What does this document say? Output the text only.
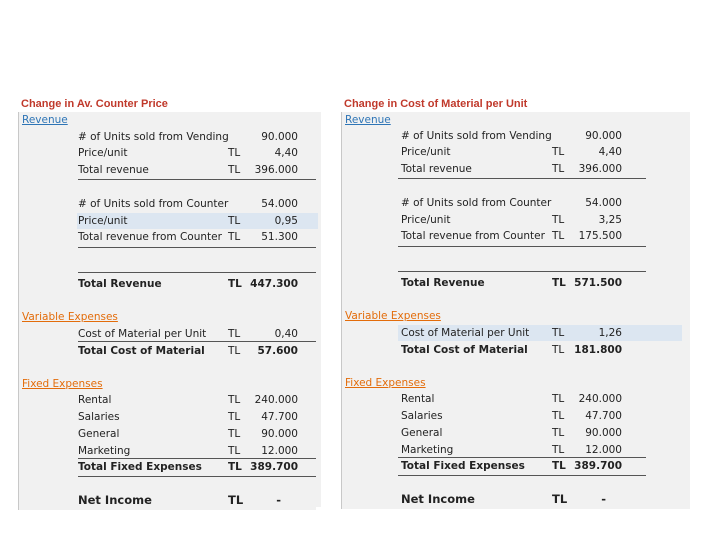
Change in Av. Counter Price
Revenue
# of Units sold from Vending	90.000
Price/unit	TL	4,40
Total revenue	TL 396.000
# of Units sold from Counter	54.000
Price/unit	TL	0,95
Total revenue from Counter TL 51.300
Total Revenue	TL 447.300
Variable Expenses
Cost of Material per Unit TL	0,40
Total Cost of Material TL 57.600
Fixed Expenses
Rental	TL 240.000
Salaries	TL 47.700
General	TL 90.000
Marketing	TL 12.000
Total Fixed Expenses TL 389.700
Net Income	TL	-
Change in Cost of Material per Unit
Revenue
# of Units sold from Vending	90.000
Price/unit	TL	4,40
Total revenue	TL 396.000
# of Units sold from Counter	54.000
Price/unit	TL	3,25
Total revenue from Counter TL 175.500
Total Revenue	TL 571.500
Variable Expenses
Cost of Material per Unit TL	1,26
Total Cost of Material TL 181.800
Fixed Expenses
Rental	TL 240.000
Salaries	TL 47.700
General	TL 90.000
Marketing	TL 12.000
Total Fixed Expenses	TL 389.700
Net Income	TL	-
